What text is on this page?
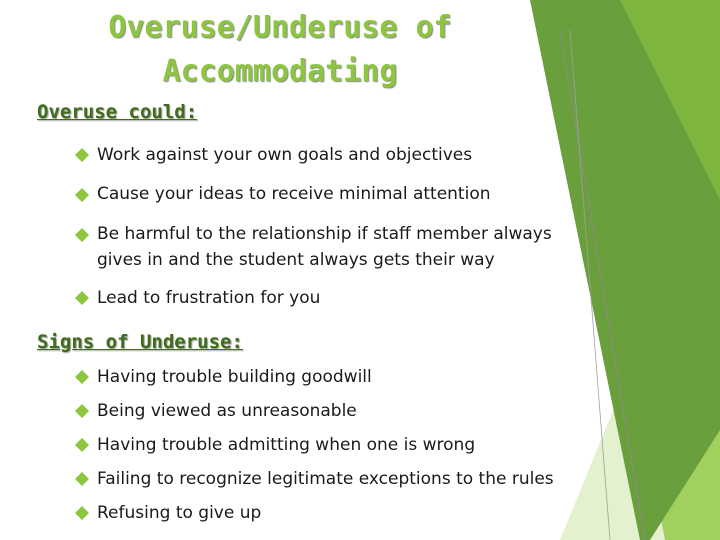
Overuse/Underuse of
Accommodating
Overuse could:
Work against your own goals and objectives
Cause your ideas to receive minimal attention
Be harmful to the relationship if staff member always
gives in and the student always gets their way
Lead to frustration for you
Signs of Underuse:
Having trouble building goodwill
Being viewed as unreasonable
Having trouble admitting when one is wrong
Failing to recognize legitimate exceptions to the rules
Refusing to give up
